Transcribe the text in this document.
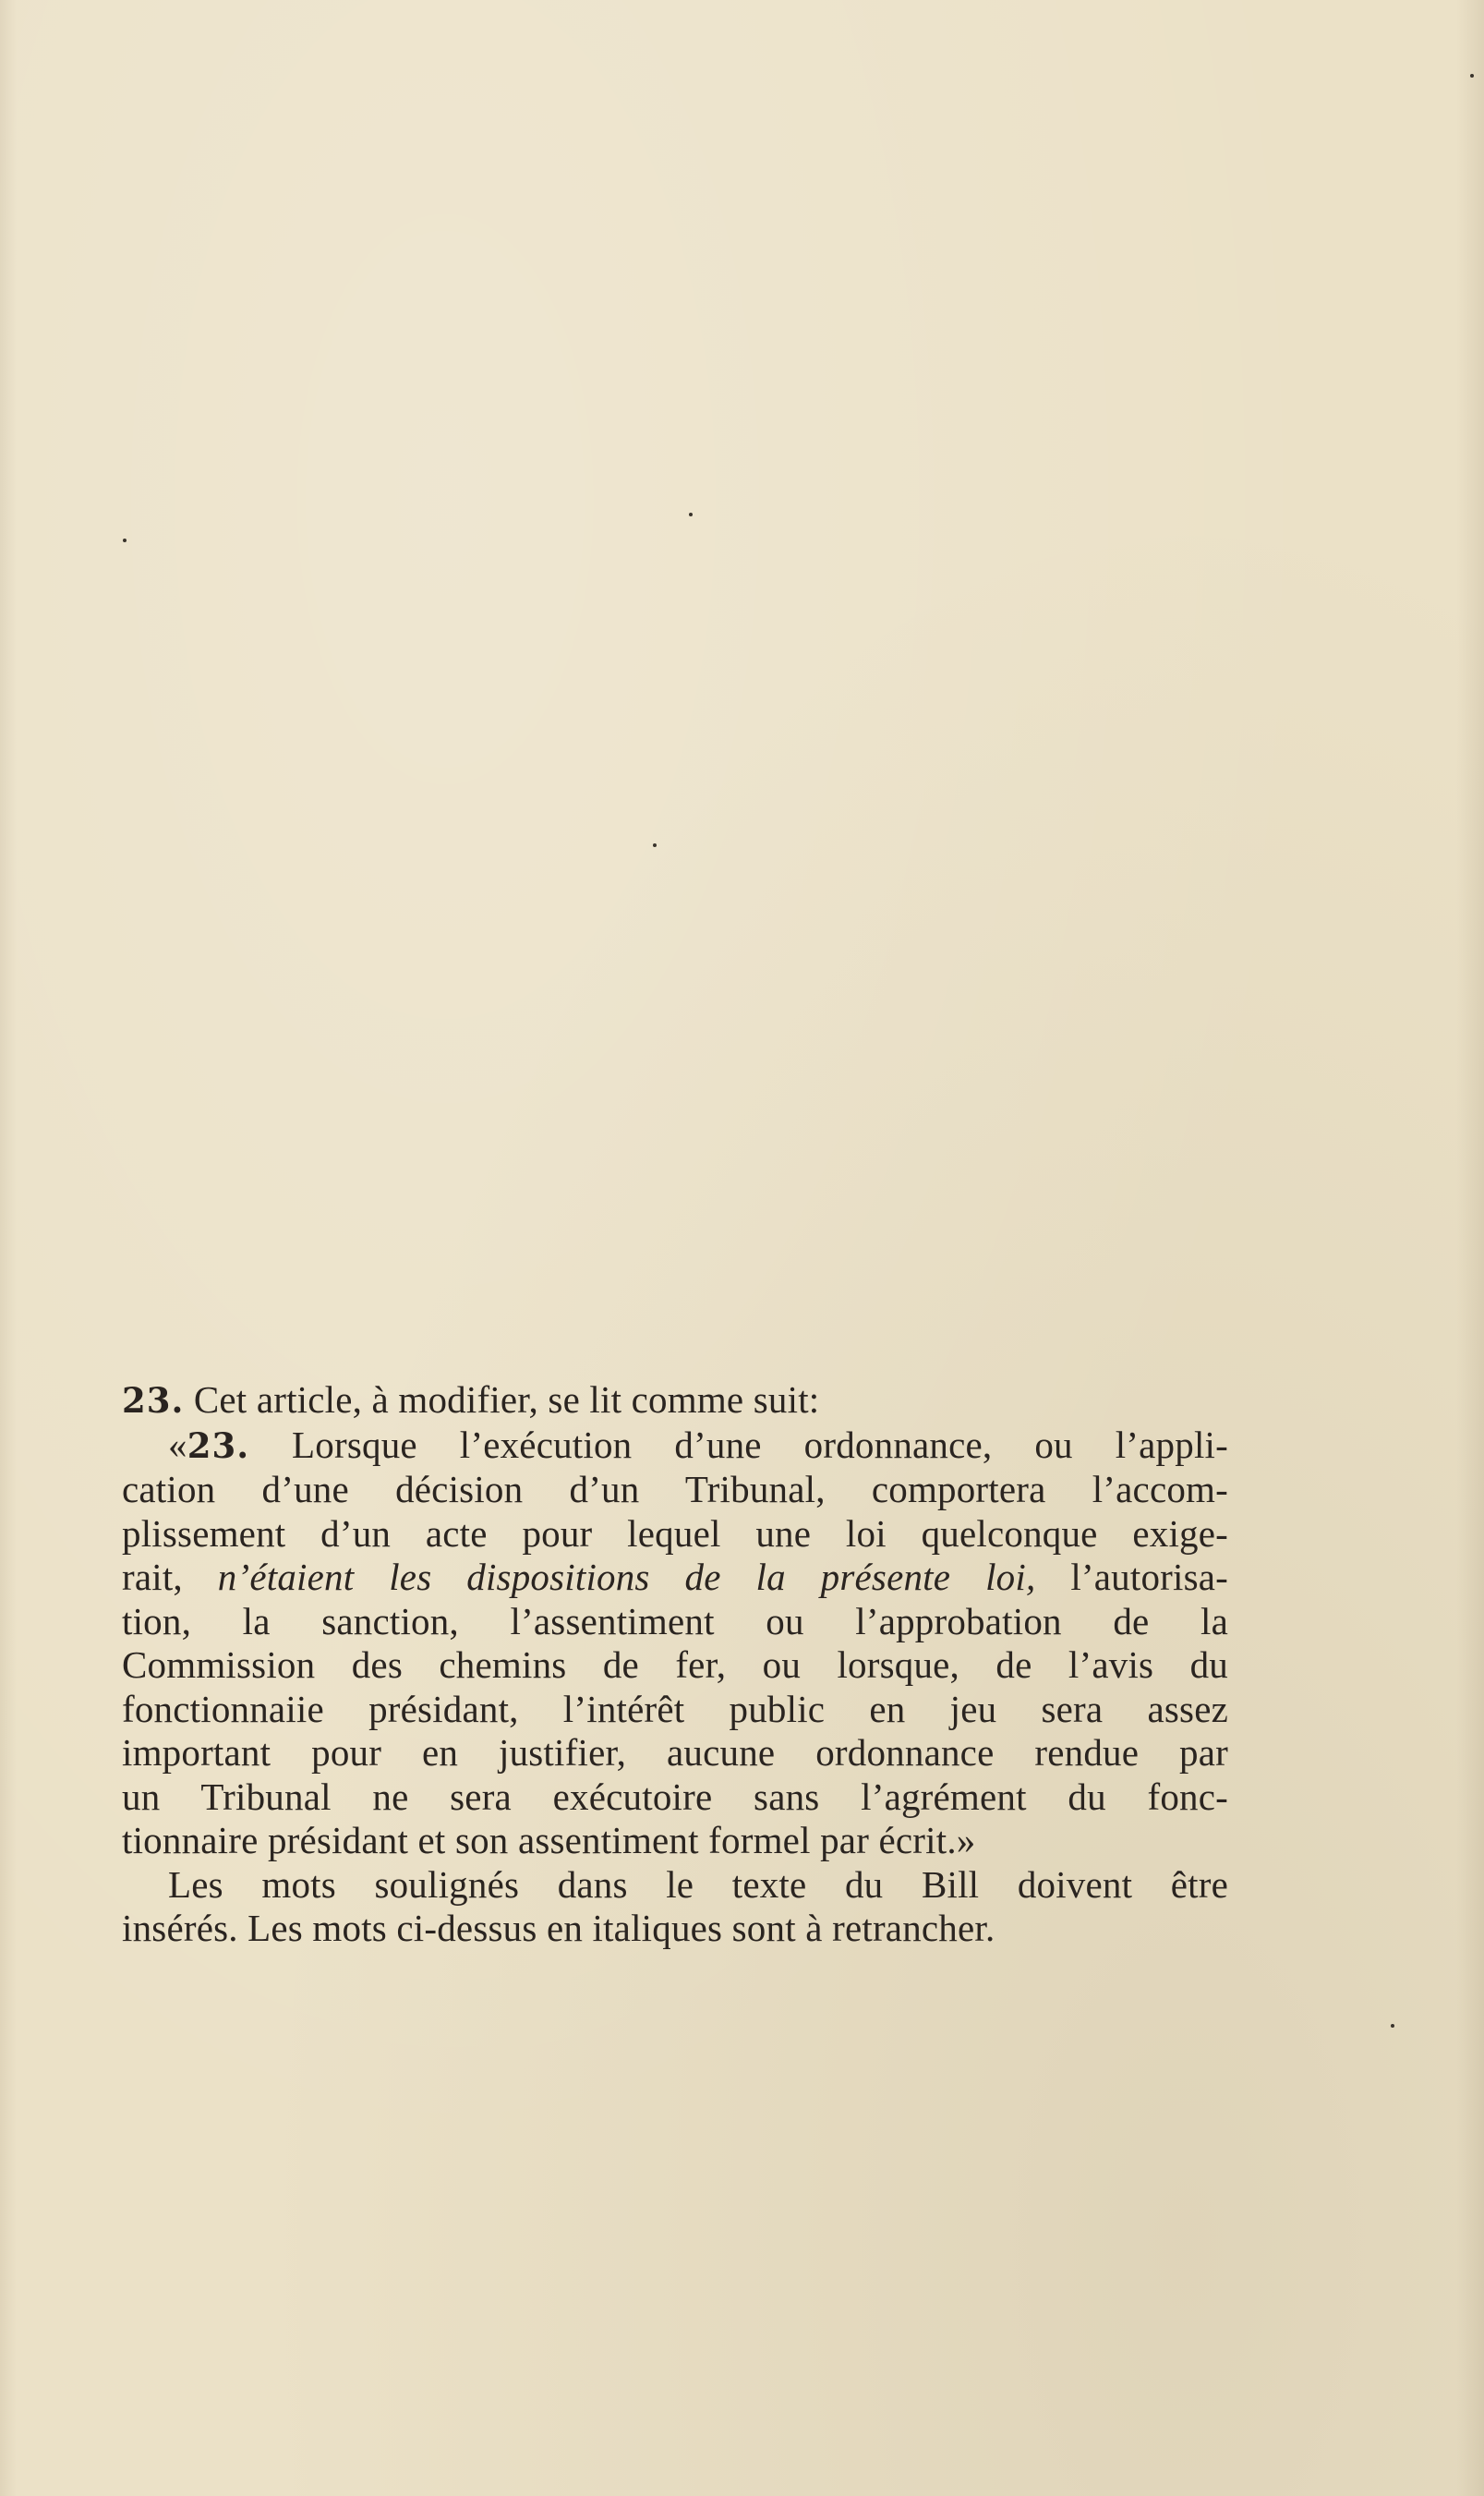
23. Cet article, à modifier, se lit comme suit:
«23. Lorsque l’exécution d’une ordonnance, ou l’appli-
cation d’une décision d’un Tribunal, comportera l’accom-
plissement d’un acte pour lequel une loi quelconque exige-
rait, n’étaient les dispositions de la présente loi, l’autorisa-
tion, la sanction, l’assentiment ou l’approbation de la
Commission des chemins de fer, ou lorsque, de l’avis du
fonctionnaiie présidant, l’intérêt public en jeu sera assez
important pour en justifier, aucune ordonnance rendue par
un Tribunal ne sera exécutoire sans l’agrément du fonc-
tionnaire présidant et son assentiment formel par écrit.»
Les mots soulignés dans le texte du Bill doivent être
insérés. Les mots ci-dessus en italiques sont à retrancher.
